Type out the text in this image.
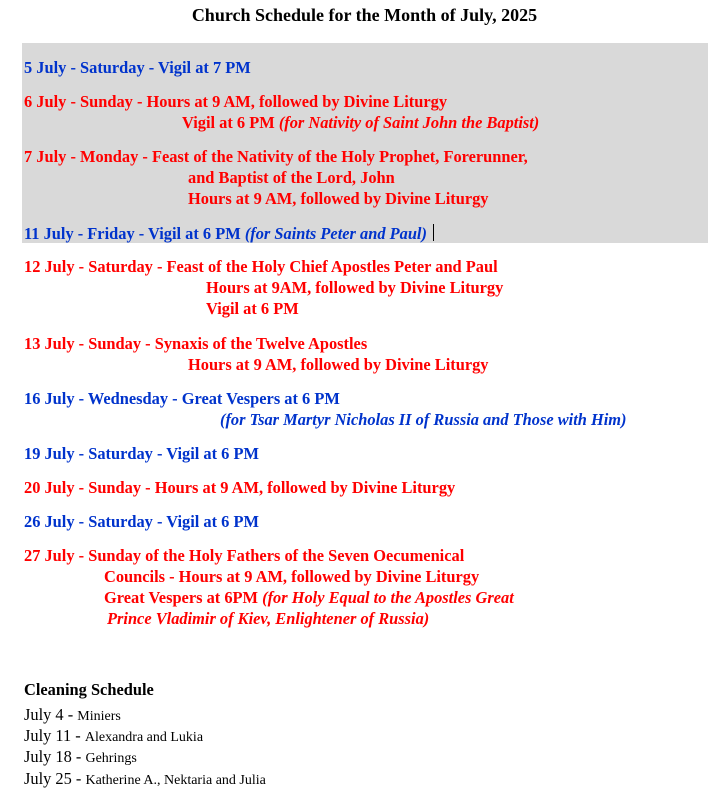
Church Schedule for the Month of July, 2025
5 July - Saturday - Vigil at 7 PM
6 July - Sunday - Hours at 9 AM, followed by Divine Liturgy
Vigil at 6 PM (for Nativity of Saint John the Baptist)
7 July - Monday - Feast of the Nativity of the Holy Prophet, Forerunner,
and Baptist of the Lord, John
Hours at 9 AM, followed by Divine Liturgy
11 July - Friday - Vigil at 6 PM (for Saints Peter and Paul)
12 July - Saturday - Feast of the Holy Chief Apostles Peter and Paul
Hours at 9AM, followed by Divine Liturgy
Vigil at 6 PM
13 July - Sunday - Synaxis of the Twelve Apostles
Hours at 9 AM, followed by Divine Liturgy
16 July - Wednesday - Great Vespers at 6 PM
(for Tsar Martyr Nicholas II of Russia and Those with Him)
19 July - Saturday - Vigil at 6 PM
20 July - Sunday - Hours at 9 AM, followed by Divine Liturgy
26 July - Saturday - Vigil at 6 PM
27 July - Sunday of the Holy Fathers of the Seven Oecumenical
Councils - Hours at 9 AM, followed by Divine Liturgy
Great Vespers at 6PM (for Holy Equal to the Apostles Great
Prince Vladimir of Kiev, Enlightener of Russia)
Cleaning Schedule
July 4 - Miniers
July 11 - Alexandra and Lukia
July 18 - Gehrings
July 25 - Katherine A., Nektaria and Julia
